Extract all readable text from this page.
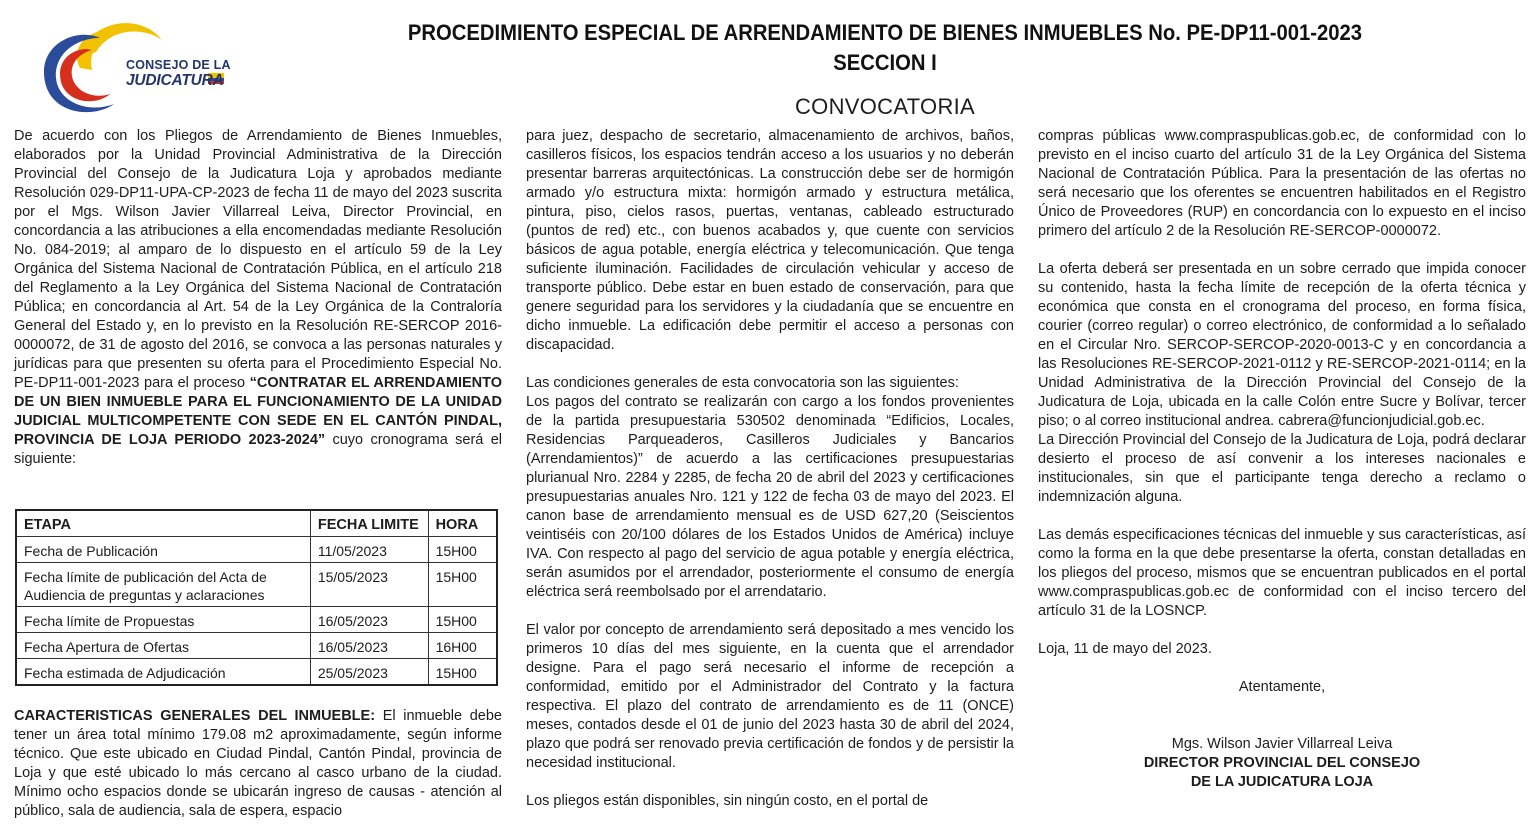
CONSEJO DE LA
JUDICATURA
PROCEDIMIENTO ESPECIAL DE ARRENDAMIENTO DE BIENES INMUEBLES No. PE-DP11-001-2023
SECCION I
CONVOCATORIA

De acuerdo con los Pliegos de Arrendamiento de Bienes Inmuebles, elaborados por la Unidad Provincial Administrativa de la Dirección Provincial del Consejo de la Judicatura Loja y aprobados mediante Resolución 029-DP11-UPA-CP-2023 de fecha 11 de mayo del 2023 suscrita por el Mgs. Wilson Javier Villarreal Leiva, Director Provincial, en concordancia a las atribuciones a ella encomendadas mediante Resolución No. 084-2019; al amparo de lo dispuesto en el artículo 59 de la Ley Orgánica del Sistema Nacional de Contratación Pública, en el artículo 218 del Reglamento a la Ley Orgánica del Sistema Nacional de Contratación Pública; en concordancia al Art. 54 de la Ley Orgánica de la Contraloría General del Estado y, en lo previsto en la Resolución RE-SERCOP 2016-0000072, de 31 de agosto del 2016, se convoca a las personas naturales y jurídicas para que presenten su oferta para el Procedimiento Especial No. PE-DP11-001-2023 para el proceso “CONTRATAR EL ARRENDAMIENTO DE UN BIEN INMUEBLE PARA EL FUNCIONAMIENTO DE LA UNIDAD JUDICIAL MULTICOMPETENTE CON SEDE EN EL CANTÓN PINDAL, PROVINCIA DE LOJA PERIODO 2023-2024” cuyo cronograma será el siguiente:

ETAPA	FECHA LIMITE	HORA
Fecha de Publicación	11/05/2023	15H00
Fecha límite de publicación del Acta de Audiencia de preguntas y aclaraciones	15/05/2023	15H00
Fecha límite de Propuestas	16/05/2023	15H00
Fecha Apertura de Ofertas	16/05/2023	16H00
Fecha estimada de Adjudicación	25/05/2023	15H00
CARACTERISTICAS GENERALES DEL INMUEBLE: El inmueble debe tener un área total mínimo 179.08 m2 aproximadamente, según informe técnico. Que este ubicado en Ciudad Pindal, Cantón Pindal, provincia de Loja y que esté ubicado lo más cercano al casco urbano de la ciudad. Mínimo ocho espacios donde se ubicarán ingreso de causas - atención al público, sala de audiencia, sala de espera, espacio

para juez, despacho de secretario, almacenamiento de archivos, baños, casilleros físicos, los espacios tendrán acceso a los usuarios y no deberán presentar barreras arquitectónicas. La construcción debe ser de hormigón armado y/o estructura mixta: hormigón armado y estructura metálica, pintura, piso, cielos rasos, puertas, ventanas, cableado estructurado (puntos de red) etc., con buenos acabados y, que cuente con servicios básicos de agua potable, energía eléctrica y telecomunicación. Que tenga suficiente iluminación. Facilidades de circulación vehicular y acceso de transporte público. Debe estar en buen estado de conservación, para que genere seguridad para los servidores y la ciudadanía que se encuentre en dicho inmueble. La edificación debe permitir el acceso a personas con discapacidad.

Las condiciones generales de esta convocatoria son las siguientes:

Los pagos del contrato se realizarán con cargo a los fondos provenientes de la partida presupuestaria 530502 denominada “Edificios, Locales, Residencias Parqueaderos, Casilleros Judiciales y Bancarios (Arrendamientos)” de acuerdo a las certificaciones presupuestarias plurianual Nro. 2284 y 2285, de fecha 20 de abril del 2023 y certificaciones presupuestarias anuales Nro. 121 y 122 de fecha 03 de mayo del 2023. El canon base de arrendamiento mensual es de USD 627,20 (Seiscientos veintiséis con 20/100 dólares de los Estados Unidos de América) incluye IVA. Con respecto al pago del servicio de agua potable y energía eléctrica, serán asumidos por el arrendador, posteriormente el consumo de energía eléctrica será reembolsado por el arrendatario.

El valor por concepto de arrendamiento será depositado a mes vencido los primeros 10 días del mes siguiente, en la cuenta que el arrendador designe. Para el pago será necesario el informe de recepción a conformidad, emitido por el Administrador del Contrato y la factura respectiva. El plazo del contrato de arrendamiento es de 11 (ONCE) meses, contados desde el 01 de junio del 2023 hasta 30 de abril del 2024, plazo que podrá ser renovado previa certificación de fondos y de persistir la necesidad institucional.

Los pliegos están disponibles, sin ningún costo, en el portal de

compras públicas www.compraspublicas.gob.ec, de conformidad con lo previsto en el inciso cuarto del artículo 31 de la Ley Orgánica del Sistema Nacional de Contratación Pública. Para la presentación de las ofertas no será necesario que los oferentes se encuentren habilitados en el Registro Único de Proveedores (RUP) en concordancia con lo expuesto en el inciso primero del artículo 2 de la Resolución RE-SERCOP-0000072.

La oferta deberá ser presentada en un sobre cerrado que impida conocer su contenido, hasta la fecha límite de recepción de la oferta técnica y económica que consta en el cronograma del proceso, en forma física, courier (correo regular) o correo electrónico, de conformidad a lo señalado en el Circular Nro. SERCOP-SERCOP-2020-0013-C y en concordancia a las Resoluciones RE-SERCOP-2021-0112 y RE-SERCOP-2021-0114; en la Unidad Administrativa de la Dirección Provincial del Consejo de la Judicatura de Loja, ubicada en la calle Colón entre Sucre y Bolívar, tercer piso; o al correo institucional andrea. cabrera@funcionjudicial.gob.ec.

La Dirección Provincial del Consejo de la Judicatura de Loja, podrá declarar desierto el proceso de así convenir a los intereses nacionales e institucionales, sin que el participante tenga derecho a reclamo o indemnización alguna.

Las demás especificaciones técnicas del inmueble y sus características, así como la forma en la que debe presentarse la oferta, constan detalladas en los pliegos del proceso, mismos que se encuentran publicados en el portal www.compraspublicas.gob.ec de conformidad con el inciso tercero del artículo 31 de la LOSNCP.

Loja, 11 de mayo del 2023.

Atentamente,

Mgs. Wilson Javier Villarreal Leiva

DIRECTOR PROVINCIAL DEL CONSEJO

DE LA JUDICATURA LOJA
